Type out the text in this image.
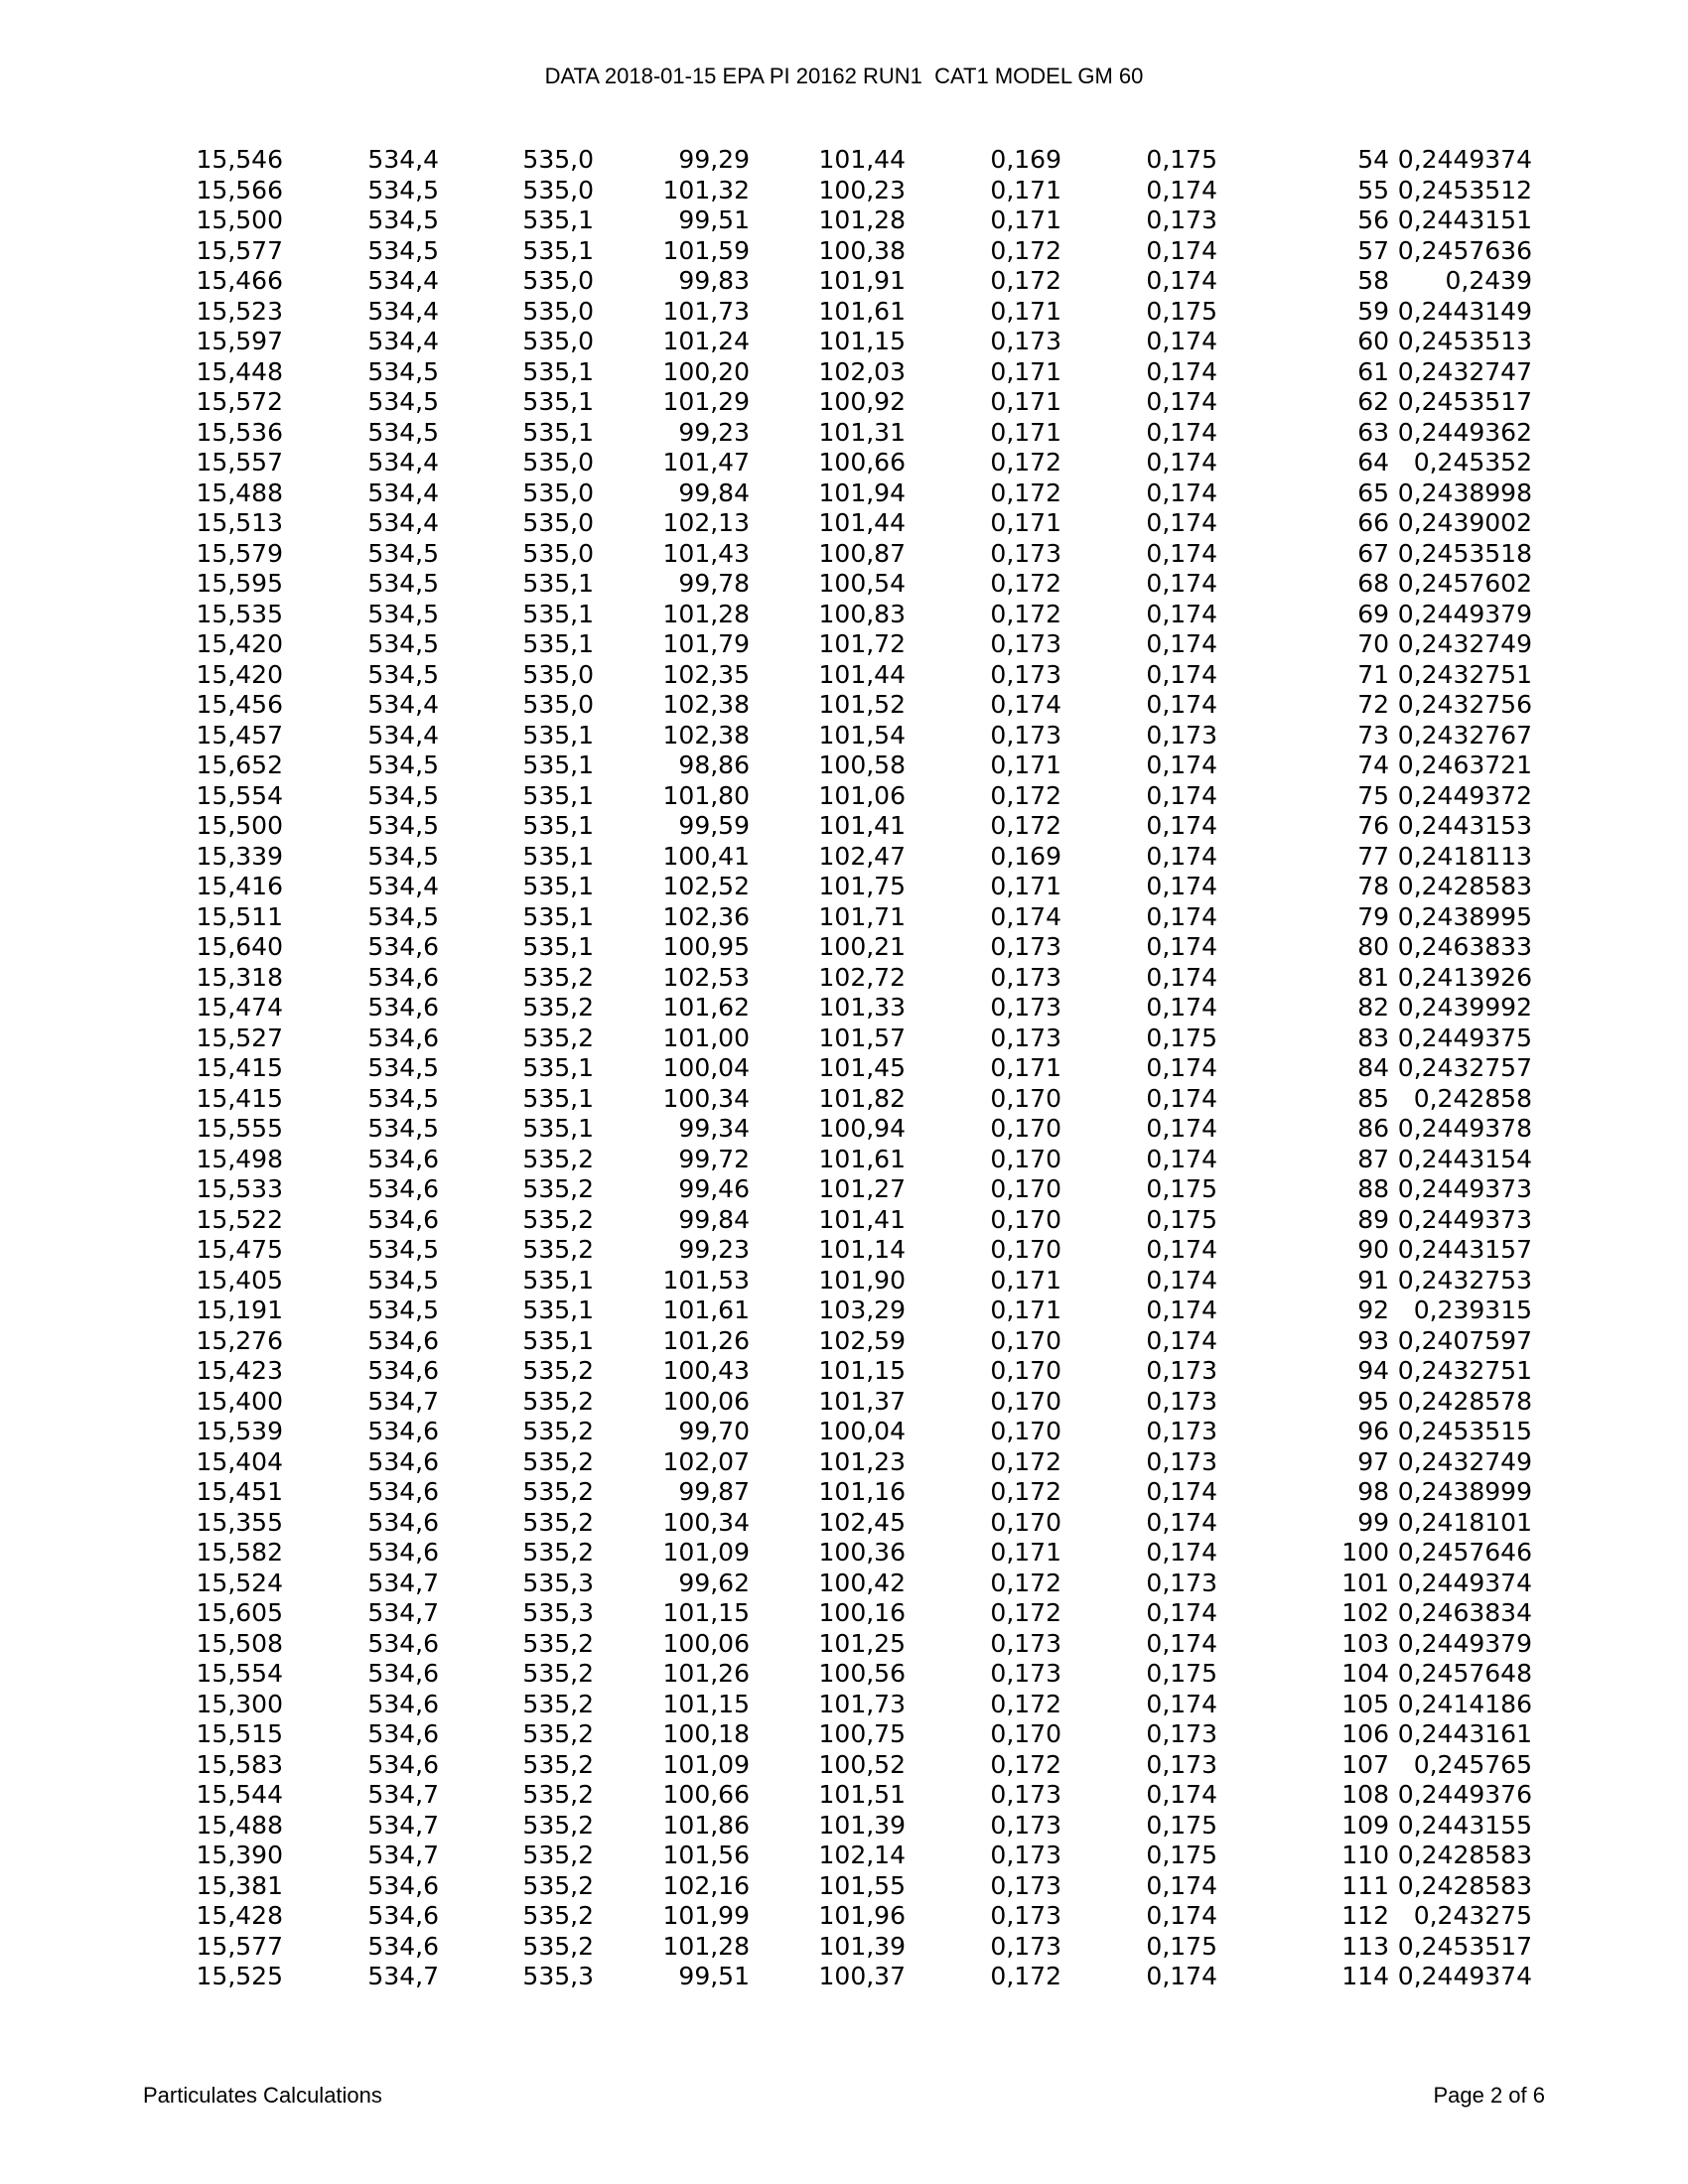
DATA 2018-01-15 EPA PI 20162 RUN1  CAT1 MODEL GM 60
15,546	534,4	535,0	99,29	101,44	0,169	0,175	54	0,2449374
15,566	534,5	535,0	101,32	100,23	0,171	0,174	55	0,2453512
15,500	534,5	535,1	99,51	101,28	0,171	0,173	56	0,2443151
15,577	534,5	535,1	101,59	100,38	0,172	0,174	57	0,2457636
15,466	534,4	535,0	99,83	101,91	0,172	0,174	58	0,2439
15,523	534,4	535,0	101,73	101,61	0,171	0,175	59	0,2443149
15,597	534,4	535,0	101,24	101,15	0,173	0,174	60	0,2453513
15,448	534,5	535,1	100,20	102,03	0,171	0,174	61	0,2432747
15,572	534,5	535,1	101,29	100,92	0,171	0,174	62	0,2453517
15,536	534,5	535,1	99,23	101,31	0,171	0,174	63	0,2449362
15,557	534,4	535,0	101,47	100,66	0,172	0,174	64	0,245352
15,488	534,4	535,0	99,84	101,94	0,172	0,174	65	0,2438998
15,513	534,4	535,0	102,13	101,44	0,171	0,174	66	0,2439002
15,579	534,5	535,0	101,43	100,87	0,173	0,174	67	0,2453518
15,595	534,5	535,1	99,78	100,54	0,172	0,174	68	0,2457602
15,535	534,5	535,1	101,28	100,83	0,172	0,174	69	0,2449379
15,420	534,5	535,1	101,79	101,72	0,173	0,174	70	0,2432749
15,420	534,5	535,0	102,35	101,44	0,173	0,174	71	0,2432751
15,456	534,4	535,0	102,38	101,52	0,174	0,174	72	0,2432756
15,457	534,4	535,1	102,38	101,54	0,173	0,173	73	0,2432767
15,652	534,5	535,1	98,86	100,58	0,171	0,174	74	0,2463721
15,554	534,5	535,1	101,80	101,06	0,172	0,174	75	0,2449372
15,500	534,5	535,1	99,59	101,41	0,172	0,174	76	0,2443153
15,339	534,5	535,1	100,41	102,47	0,169	0,174	77	0,2418113
15,416	534,4	535,1	102,52	101,75	0,171	0,174	78	0,2428583
15,511	534,5	535,1	102,36	101,71	0,174	0,174	79	0,2438995
15,640	534,6	535,1	100,95	100,21	0,173	0,174	80	0,2463833
15,318	534,6	535,2	102,53	102,72	0,173	0,174	81	0,2413926
15,474	534,6	535,2	101,62	101,33	0,173	0,174	82	0,2439992
15,527	534,6	535,2	101,00	101,57	0,173	0,175	83	0,2449375
15,415	534,5	535,1	100,04	101,45	0,171	0,174	84	0,2432757
15,415	534,5	535,1	100,34	101,82	0,170	0,174	85	0,242858
15,555	534,5	535,1	99,34	100,94	0,170	0,174	86	0,2449378
15,498	534,6	535,2	99,72	101,61	0,170	0,174	87	0,2443154
15,533	534,6	535,2	99,46	101,27	0,170	0,175	88	0,2449373
15,522	534,6	535,2	99,84	101,41	0,170	0,175	89	0,2449373
15,475	534,5	535,2	99,23	101,14	0,170	0,174	90	0,2443157
15,405	534,5	535,1	101,53	101,90	0,171	0,174	91	0,2432753
15,191	534,5	535,1	101,61	103,29	0,171	0,174	92	0,239315
15,276	534,6	535,1	101,26	102,59	0,170	0,174	93	0,2407597
15,423	534,6	535,2	100,43	101,15	0,170	0,173	94	0,2432751
15,400	534,7	535,2	100,06	101,37	0,170	0,173	95	0,2428578
15,539	534,6	535,2	99,70	100,04	0,170	0,173	96	0,2453515
15,404	534,6	535,2	102,07	101,23	0,172	0,173	97	0,2432749
15,451	534,6	535,2	99,87	101,16	0,172	0,174	98	0,2438999
15,355	534,6	535,2	100,34	102,45	0,170	0,174	99	0,2418101
15,582	534,6	535,2	101,09	100,36	0,171	0,174	100	0,2457646
15,524	534,7	535,3	99,62	100,42	0,172	0,173	101	0,2449374
15,605	534,7	535,3	101,15	100,16	0,172	0,174	102	0,2463834
15,508	534,6	535,2	100,06	101,25	0,173	0,174	103	0,2449379
15,554	534,6	535,2	101,26	100,56	0,173	0,175	104	0,2457648
15,300	534,6	535,2	101,15	101,73	0,172	0,174	105	0,2414186
15,515	534,6	535,2	100,18	100,75	0,170	0,173	106	0,2443161
15,583	534,6	535,2	101,09	100,52	0,172	0,173	107	0,245765
15,544	534,7	535,2	100,66	101,51	0,173	0,174	108	0,2449376
15,488	534,7	535,2	101,86	101,39	0,173	0,175	109	0,2443155
15,390	534,7	535,2	101,56	102,14	0,173	0,175	110	0,2428583
15,381	534,6	535,2	102,16	101,55	0,173	0,174	111	0,2428583
15,428	534,6	535,2	101,99	101,96	0,173	0,174	112	0,243275
15,577	534,6	535,2	101,28	101,39	0,173	0,175	113	0,2453517
15,525	534,7	535,3	99,51	100,37	0,172	0,174	114	0,2449374
Particulates Calculations	Page 2 of 6
